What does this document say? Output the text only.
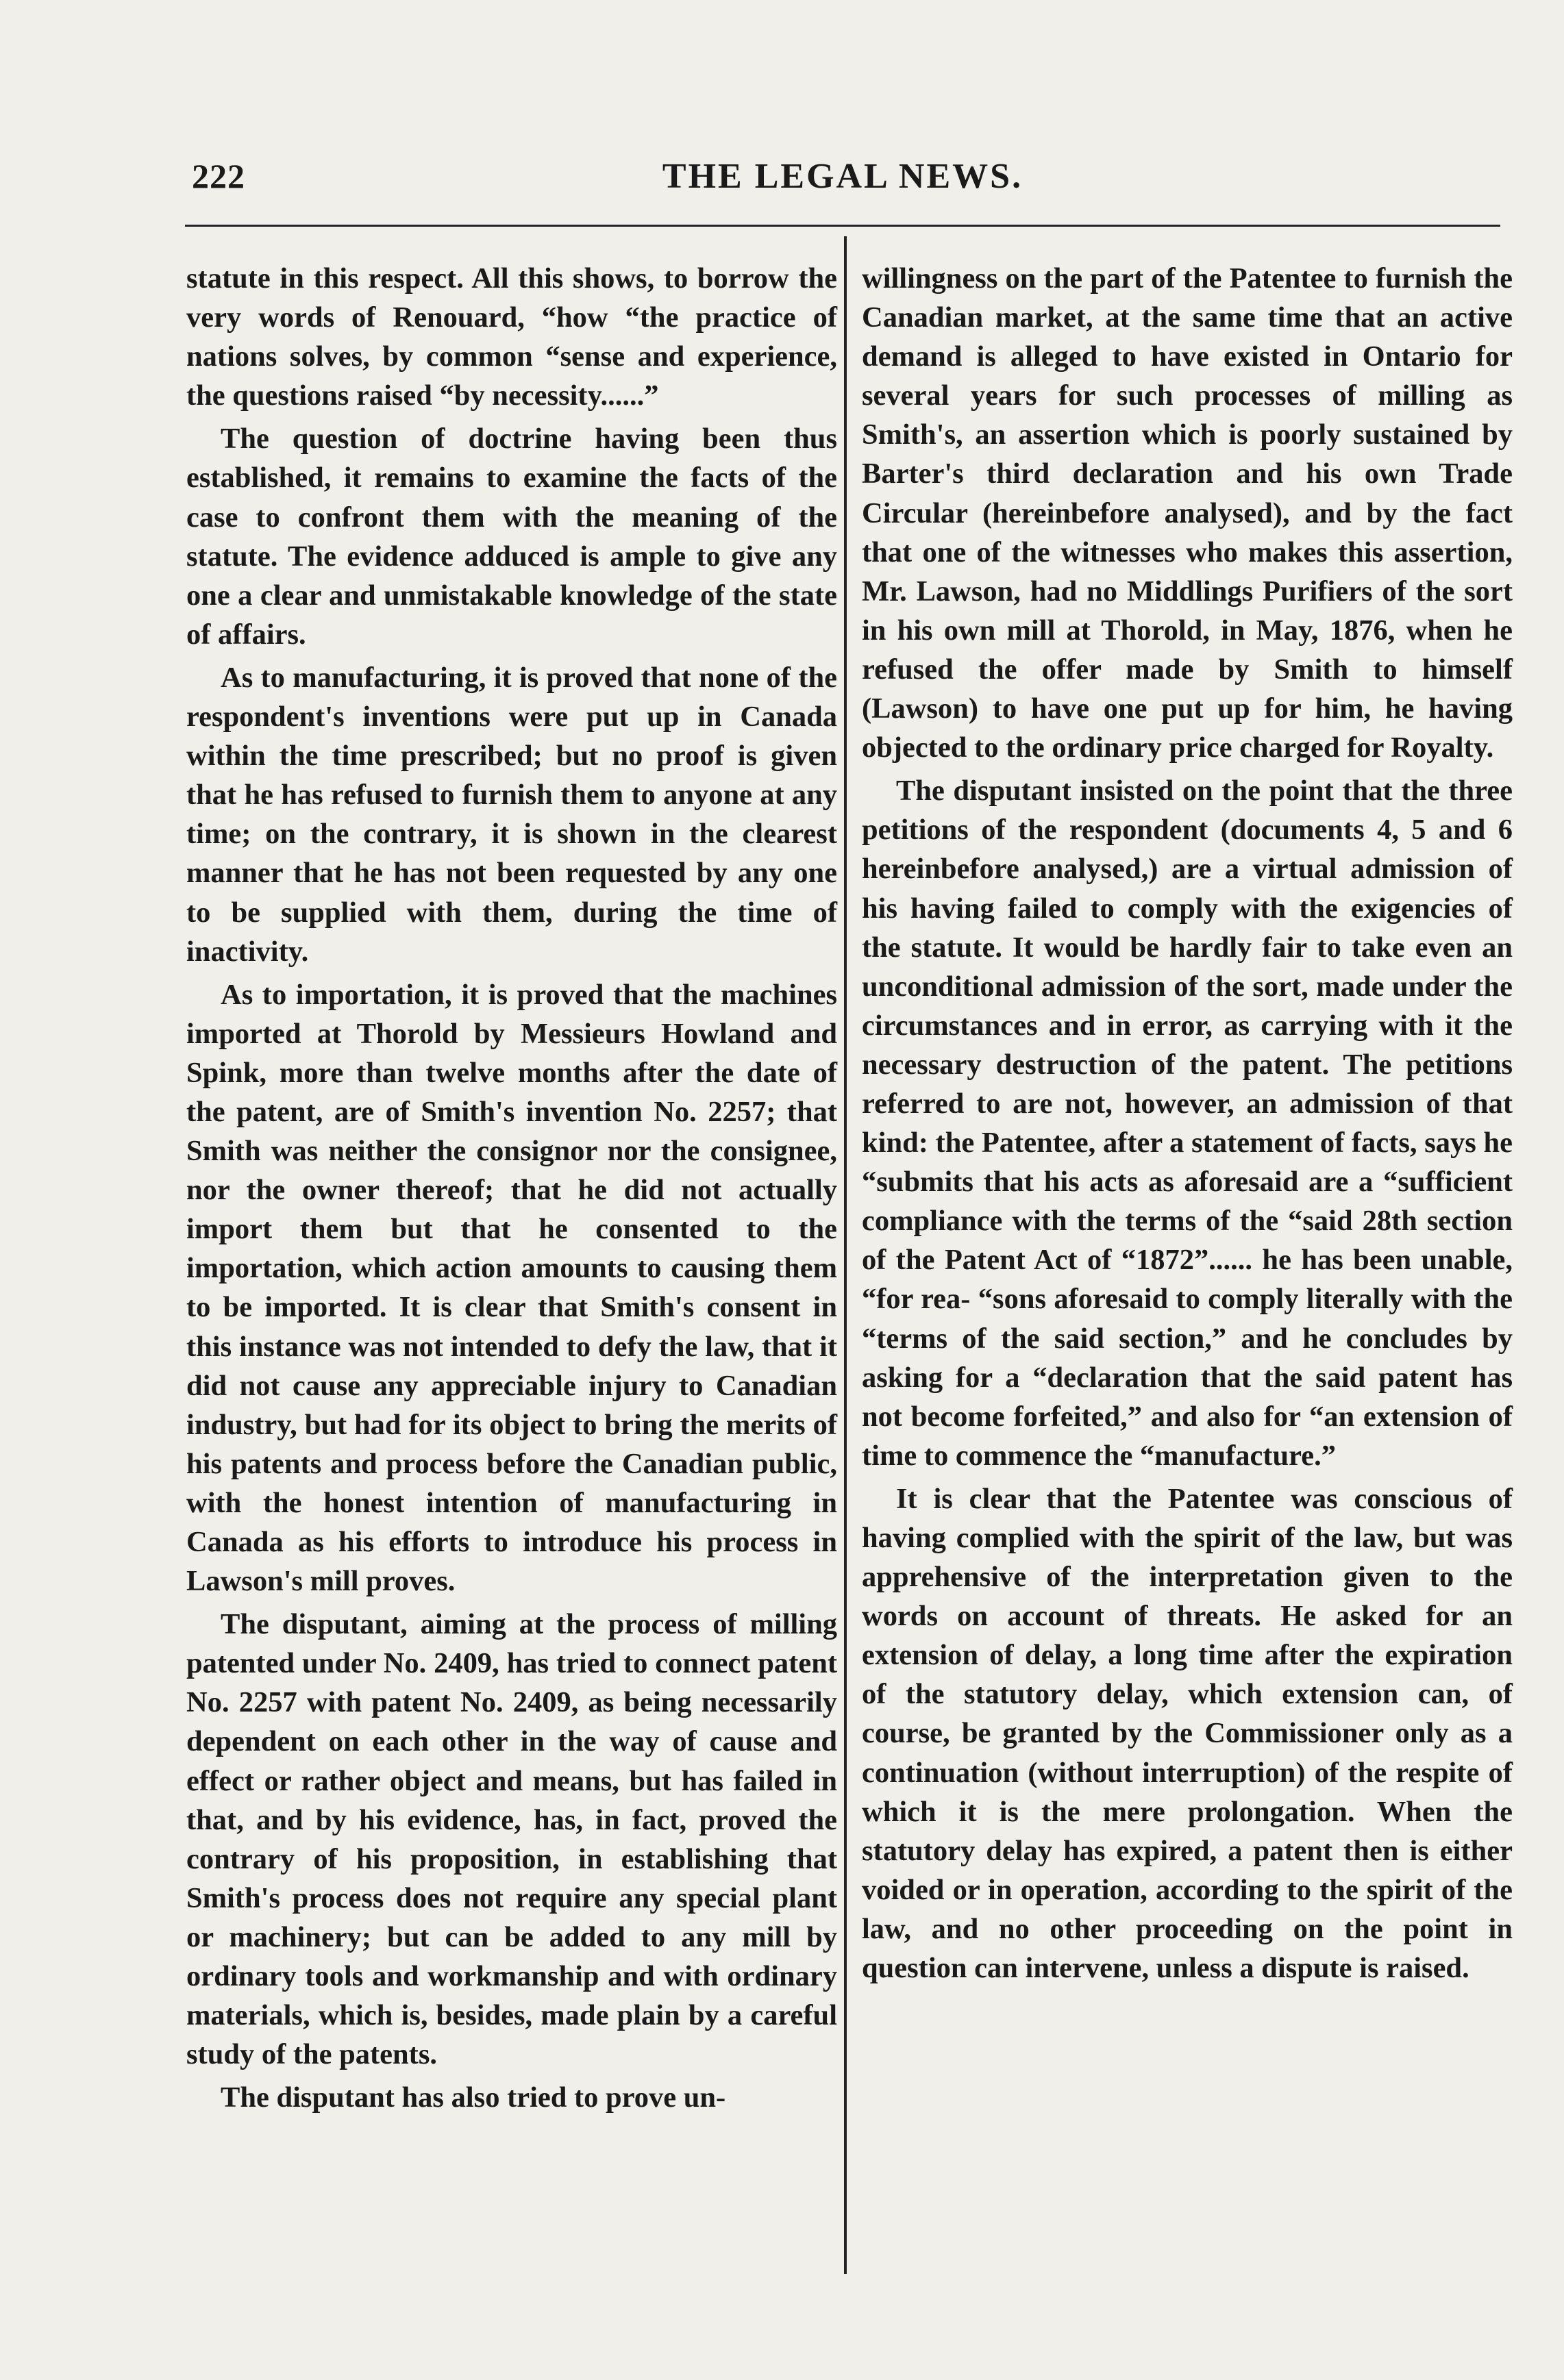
222	THE LEGAL NEWS.

statute in this respect. All this shows, to borrow the very words of Renouard, “how “the practice of nations solves, by common “sense and experience, the questions raised “by necessity......”

The question of doctrine having been thus established, it remains to examine the facts of the case to confront them with the meaning of the statute. The evidence adduced is ample to give any one a clear and unmistakable knowledge of the state of affairs.

As to manufacturing, it is proved that none of the respondent's inventions were put up in Canada within the time prescribed; but no proof is given that he has refused to furnish them to anyone at any time; on the contrary, it is shown in the clearest manner that he has not been requested by any one to be supplied with them, during the time of inactivity.

As to importation, it is proved that the machines imported at Thorold by Messieurs Howland and Spink, more than twelve months after the date of the patent, are of Smith's invention No. 2257; that Smith was neither the consignor nor the consignee, nor the owner thereof; that he did not actually import them but that he consented to the importation, which action amounts to causing them to be imported. It is clear that Smith's consent in this instance was not intended to defy the law, that it did not cause any appreciable injury to Canadian industry, but had for its object to bring the merits of his patents and process before the Canadian public, with the honest intention of manufacturing in Canada as his efforts to introduce his process in Lawson's mill proves.

The disputant, aiming at the process of milling patented under No. 2409, has tried to connect patent No. 2257 with patent No. 2409, as being necessarily dependent on each other in the way of cause and effect or rather object and means, but has failed in that, and by his evidence, has, in fact, proved the contrary of his proposition, in establishing that Smith's process does not require any special plant or machinery; but can be added to any mill by ordinary tools and workmanship and with ordinary materials, which is, besides, made plain by a careful study of the patents.

The disputant has also tried to prove un-

willingness on the part of the Patentee to furnish the Canadian market, at the same time that an active demand is alleged to have existed in Ontario for several years for such processes of milling as Smith's, an assertion which is poorly sustained by Barter's third declaration and his own Trade Circular (hereinbefore analysed), and by the fact that one of the witnesses who makes this assertion, Mr. Lawson, had no Middlings Purifiers of the sort in his own mill at Thorold, in May, 1876, when he refused the offer made by Smith to himself (Lawson) to have one put up for him, he having objected to the ordinary price charged for Royalty.

The disputant insisted on the point that the three petitions of the respondent (documents 4, 5 and 6 hereinbefore analysed,) are a virtual admission of his having failed to comply with the exigencies of the statute. It would be hardly fair to take even an unconditional admission of the sort, made under the circumstances and in error, as carrying with it the necessary destruction of the patent. The petitions referred to are not, however, an admission of that kind: the Patentee, after a statement of facts, says he “submits that his acts as aforesaid are a “sufficient compliance with the terms of the “said 28th section of the Patent Act of “1872”...... he has been unable, “for rea- “sons aforesaid to comply literally with the “terms of the said section,” and he concludes by asking for a “declaration that the said patent has not become forfeited,” and also for “an extension of time to commence the “manufacture.”

It is clear that the Patentee was conscious of having complied with the spirit of the law, but was apprehensive of the interpretation given to the words on account of threats. He asked for an extension of delay, a long time after the expiration of the statutory delay, which extension can, of course, be granted by the Commissioner only as a continuation (without interruption) of the respite of which it is the mere prolongation. When the statutory delay has expired, a patent then is either voided or in operation, according to the spirit of the law, and no other proceeding on the point in question can intervene, unless a dispute is raised.
